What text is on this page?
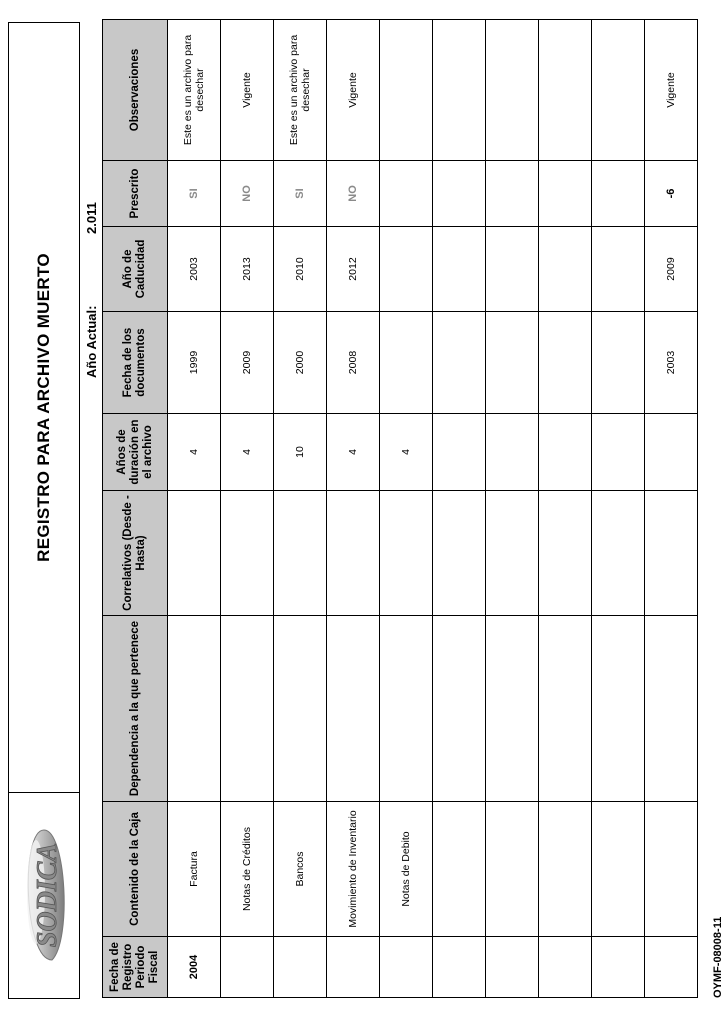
SODICA
REGISTRO PARA ARCHIVO MUERTO	Año Actual:
2.011
Fecha de Registro Periodo Fiscal	Contenido de la Caja	Dependencia a la que pertenece	Correlativos (Desde -Hasta)	Años de duración en el archivo	Fecha de los documentos	Año de Caducidad	Prescrito	Observaciones
2004	Factura			4	1999	2003	SI	Este es un archivo para desechar
	Notas de Créditos			4	2009	2013	NO	Vigente
	Bancos			10	2000	2010	SI	Este es un archivo para desechar
	Movimiento de Inventario			4	2008	2012	NO	Vigente
	Notas de Debito			4				

					2003	2009	-6	Vigente
OYMF-08008-11
